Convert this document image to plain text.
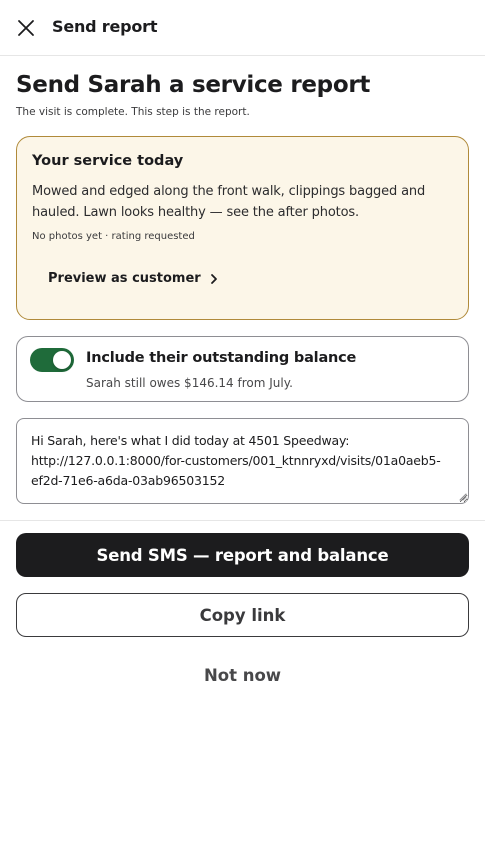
Send report
Send Sarah a service report

The visit is complete. This step is the report.

Your service today

Mowed and edged along the front walk, clippings bagged and hauled. Lawn looks healthy — see the after photos.

No photos yet · rating requested

Preview as customer
Include their outstanding balance
Sarah still owes $146.14 from July.
Hi Sarah, here's what I did today at 4501 Speedway: http://127.0.0.1:8000/for-customers/001_ktnnryxd/visits/01a0aeb5-ef2d-71e6-a6da-03ab96503152
Send SMS — report and balance
Copy link
Not now
